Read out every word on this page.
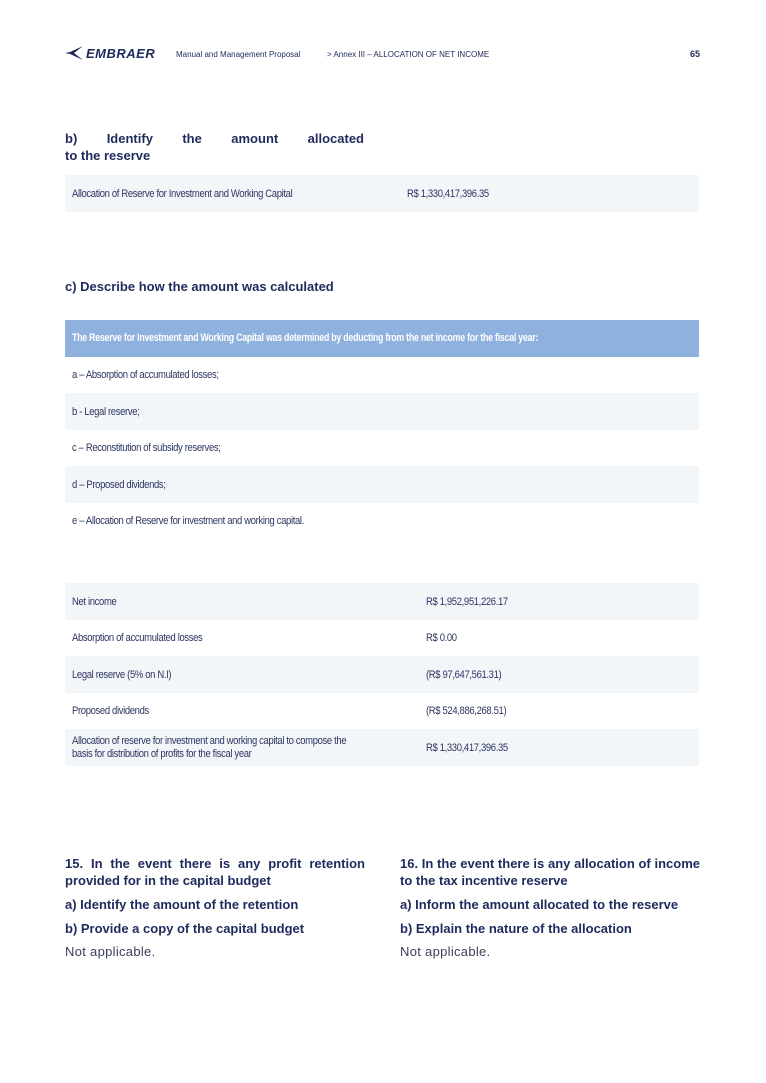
EMBRAER	Manual and Management Proposal	> Annex III – ALLOCATION OF NET INCOME	65
b) Identify the amount allocated
to the reserve
Allocation of Reserve for Investment and Working Capital	R$ 1,330,417,396.35
c) Describe how the amount was calculated
The Reserve for Investment and Working Capital was determined by deducting from the net income for the fiscal year:
a – Absorption of accumulated losses;
b - Legal reserve;
c – Reconstitution of subsidy reserves;
d – Proposed dividends;
e – Allocation of Reserve for investment and working capital.
Net income	R$ 1,952,951,226.17
Absorption of accumulated losses	R$ 0.00
Legal reserve (5% on N.I)	(R$ 97,647,561.31)
Proposed dividends	(R$ 524,886,268.51)
Allocation of reserve for investment and working capital to compose the basis for distribution of profits for the fiscal year	R$ 1,330,417,396.35
15. In the event there is any profit retention provided for in the capital budget
a) Identify the amount of the retention
b) Provide a copy of the capital budget
Not applicable.
16. In the event there is any allocation of income to the tax incentive reserve
a) Inform the amount allocated to the reserve
b) Explain the nature of the allocation
Not applicable.
